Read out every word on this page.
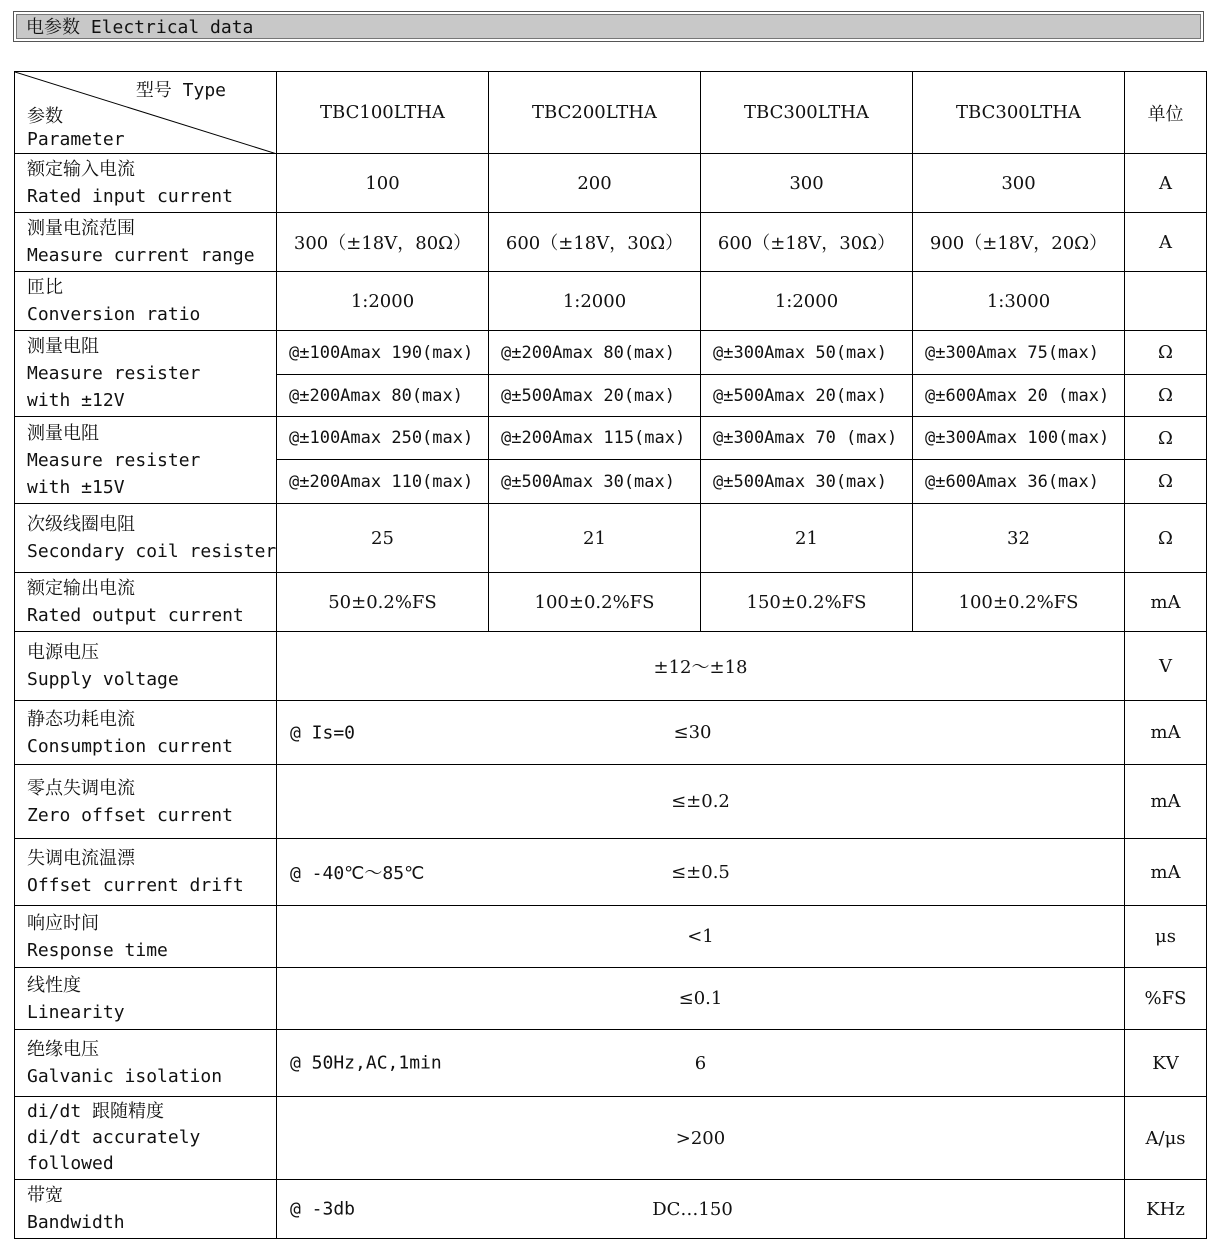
电参数 Electrical data
型号 Type
参数
Parameter	TBC100LTHA	TBC200LTHA	TBC300LTHA	TBC300LTHA	单位

额定输入电流
Rated input current	100	200	300	300	A

测量电流范围
Measure current range	300（±18V，80Ω）	600（±18V，30Ω）	600（±18V，30Ω）	900（±18V，20Ω）	A

匝比
Conversion ratio	1:2000	1:2000	1:2000	1:3000	

测量电阻
Measure resister
with ±12V	@±100Amax 190(max)	@±200Amax 80(max)	@±300Amax 50(max)	@±300Amax 75(max)	Ω
	@±200Amax 80(max)	@±500Amax 20(max)	@±500Amax 20(max)	@±600Amax 20 (max)	Ω

测量电阻
Measure resister
with ±15V	@±100Amax 250(max)	@±200Amax 115(max)	@±300Amax 70 (max)	@±300Amax 100(max)	Ω
	@±200Amax 110(max)	@±500Amax 30(max)	@±500Amax 30(max)	@±600Amax 36(max)	Ω

次级线圈电阻
Secondary coil resister	25	21	21	32	Ω

额定输出电流
Rated output current	50±0.2%FS	100±0.2%FS	150±0.2%FS	100±0.2%FS	mA

电源电压
Supply voltage	±12～±18				V

静态功耗电流
Consumption current	@ Is=0 ≤30				mA

零点失调电流
Zero offset current	≤±0.2				mA

失调电流温漂
Offset current drift	@ -40℃～85℃ ≤±0.5				mA

响应时间
Response time	<1				μs

线性度
Linearity	≤0.1				%FS

绝缘电压
Galvanic isolation	@ 50Hz,AC,1min 6				KV

di/dt 跟随精度
di/dt accurately
followed	>200				A/μs

带宽
Bandwidth	@ -3db DC…150				KHz
